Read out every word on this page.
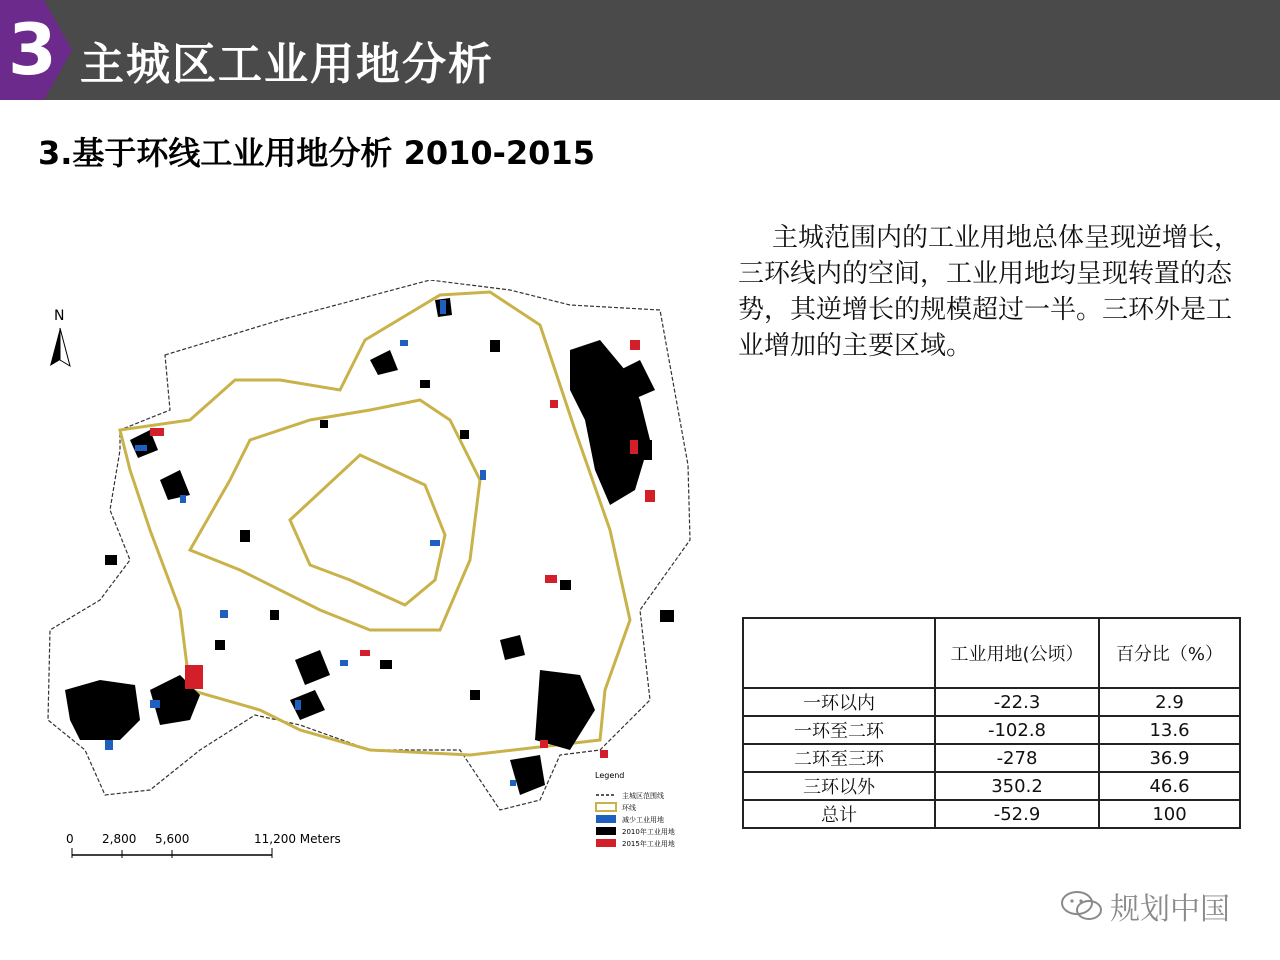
3 主城区工业用地分析
3.基于环线工业用地分析 2010-2015
主城范围内的工业用地总体呈现逆增长，三环线内的空间，工业用地均呈现转置的态势，其逆增长的规模超过一半。三环外是工业增加的主要区域。
N
0 2,800 5,600	11,200 Meters
Legend
主城区范围线
环线
减少工业用地
2010年工业用地
2015年工业用地
	工业用地(公顷）	百分比（%）
一环以内	-22.3	2.9
一环至二环	-102.8	13.6
二环至三环	-278	36.9
三环以外	350.2	46.6
总计	-52.9	100
规划中国
